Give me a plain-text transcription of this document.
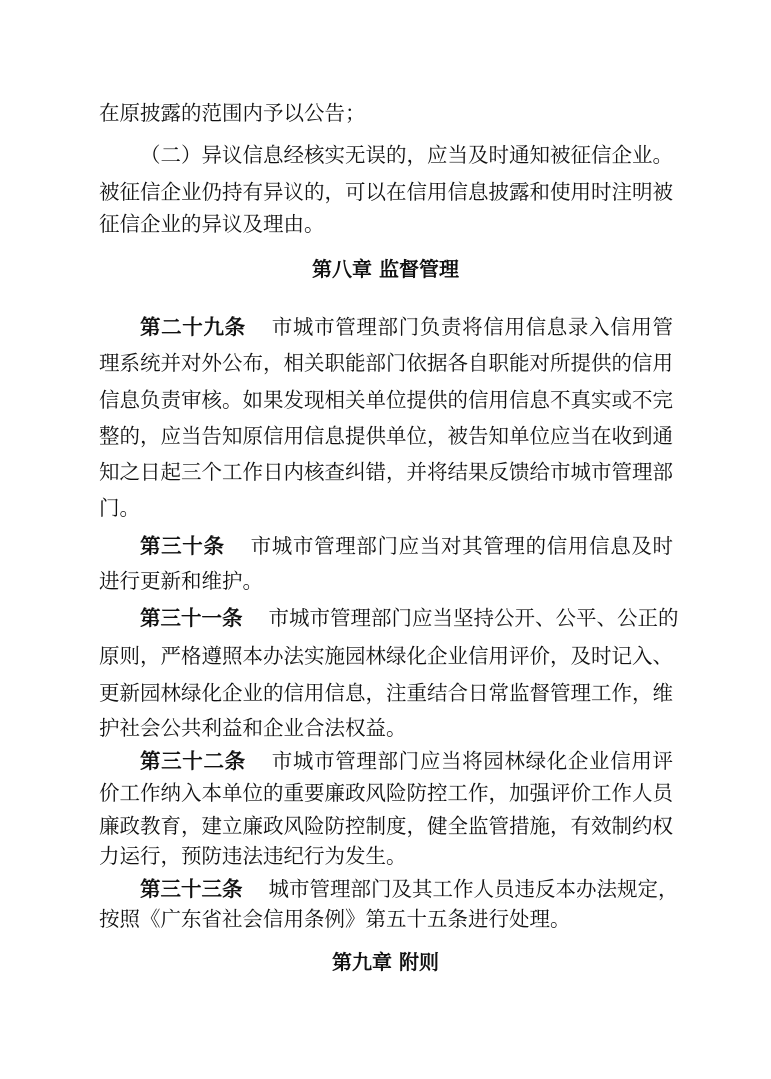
在原披露的范围内予以公告；
（二）异议信息经核实无误的，应当及时通知被征信企业。
被征信企业仍持有异议的，可以在信用信息披露和使用时注明被
征信企业的异议及理由。
第八章 监督管理
第二十九条 市城市管理部门负责将信用信息录入信用管
理系统并对外公布，相关职能部门依据各自职能对所提供的信用
信息负责审核。如果发现相关单位提供的信用信息不真实或不完
整的，应当告知原信用信息提供单位，被告知单位应当在收到通
知之日起三个工作日内核查纠错，并将结果反馈给市城市管理部
门。
第三十条 市城市管理部门应当对其管理的信用信息及时
进行更新和维护。
第三十一条 市城市管理部门应当坚持公开、公平、公正的
原则，严格遵照本办法实施园林绿化企业信用评价，及时记入、
更新园林绿化企业的信用信息，注重结合日常监督管理工作，维
护社会公共利益和企业合法权益。
第三十二条 市城市管理部门应当将园林绿化企业信用评
价工作纳入本单位的重要廉政风险防控工作，加强评价工作人员
廉政教育，建立廉政风险防控制度，健全监管措施，有效制约权
力运行，预防违法违纪行为发生。
第三十三条 城市管理部门及其工作人员违反本办法规定，
按照《广东省社会信用条例》第五十五条进行处理。
第九章 附则
